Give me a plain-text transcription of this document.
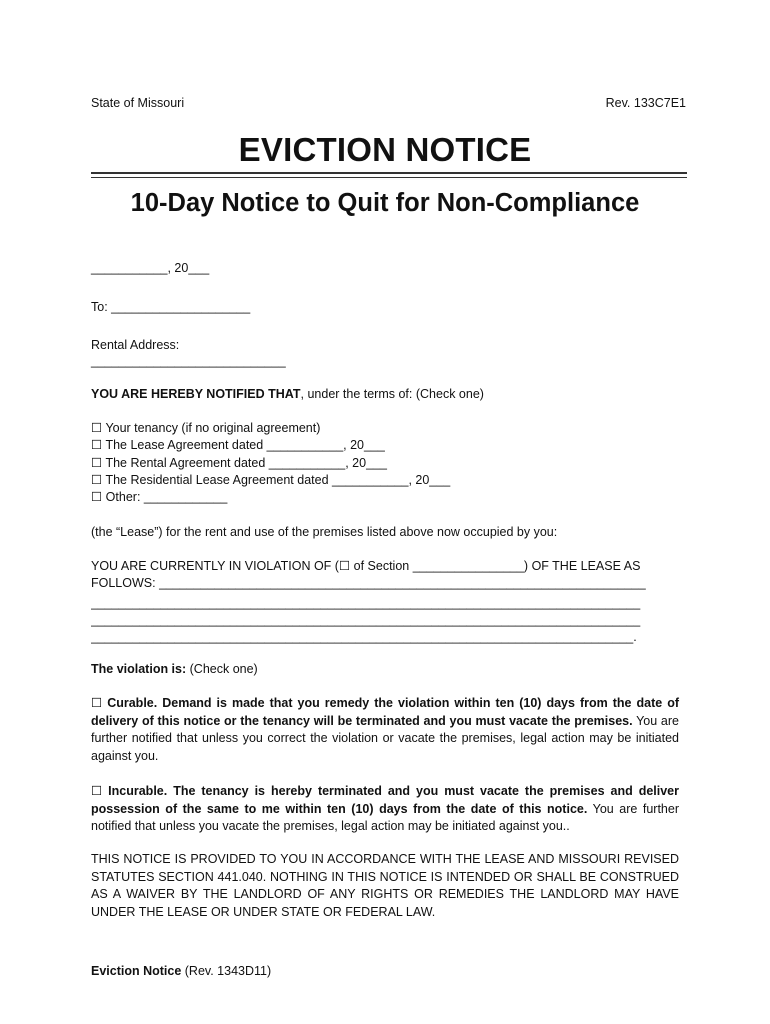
State of Missouri	Rev. 133C7E1
EVICTION NOTICE
10-Day Notice to Quit for Non-Compliance
___________, 20___
To: ____________________
Rental Address:
____________________________
YOU ARE HEREBY NOTIFIED THAT, under the terms of: (Check one)
☐ Your tenancy (if no original agreement)
☐ The Lease Agreement dated ___________, 20___
☐ The Rental Agreement dated ___________, 20___
☐ The Residential Lease Agreement dated ___________, 20___
☐ Other: ____________
(the “Lease”) for the rent and use of the premises listed above now occupied by you:
YOU ARE CURRENTLY IN VIOLATION OF (☐ of Section ________________) OF THE LEASE AS
FOLLOWS: ______________________________________________________________________
_______________________________________________________________________________
_______________________________________________________________________________
______________________________________________________________________________.
The violation is: (Check one)
☐ Curable. Demand is made that you remedy the violation within ten (10) days from the date of delivery of this notice or the tenancy will be terminated and you must vacate the premises. You are further notified that unless you correct the violation or vacate the premises, legal action may be initiated against you.
☐ Incurable. The tenancy is hereby terminated and you must vacate the premises and deliver possession of the same to me within ten (10) days from the date of this notice. You are further notified that unless you vacate the premises, legal action may be initiated against you..
THIS NOTICE IS PROVIDED TO YOU IN ACCORDANCE WITH THE LEASE AND MISSOURI REVISED STATUTES SECTION 441.040. NOTHING IN THIS NOTICE IS INTENDED OR SHALL BE CONSTRUED AS A WAIVER BY THE LANDLORD OF ANY RIGHTS OR REMEDIES THE LANDLORD MAY HAVE UNDER THE LEASE OR UNDER STATE OR FEDERAL LAW.
Eviction Notice (Rev. 1343D11)
